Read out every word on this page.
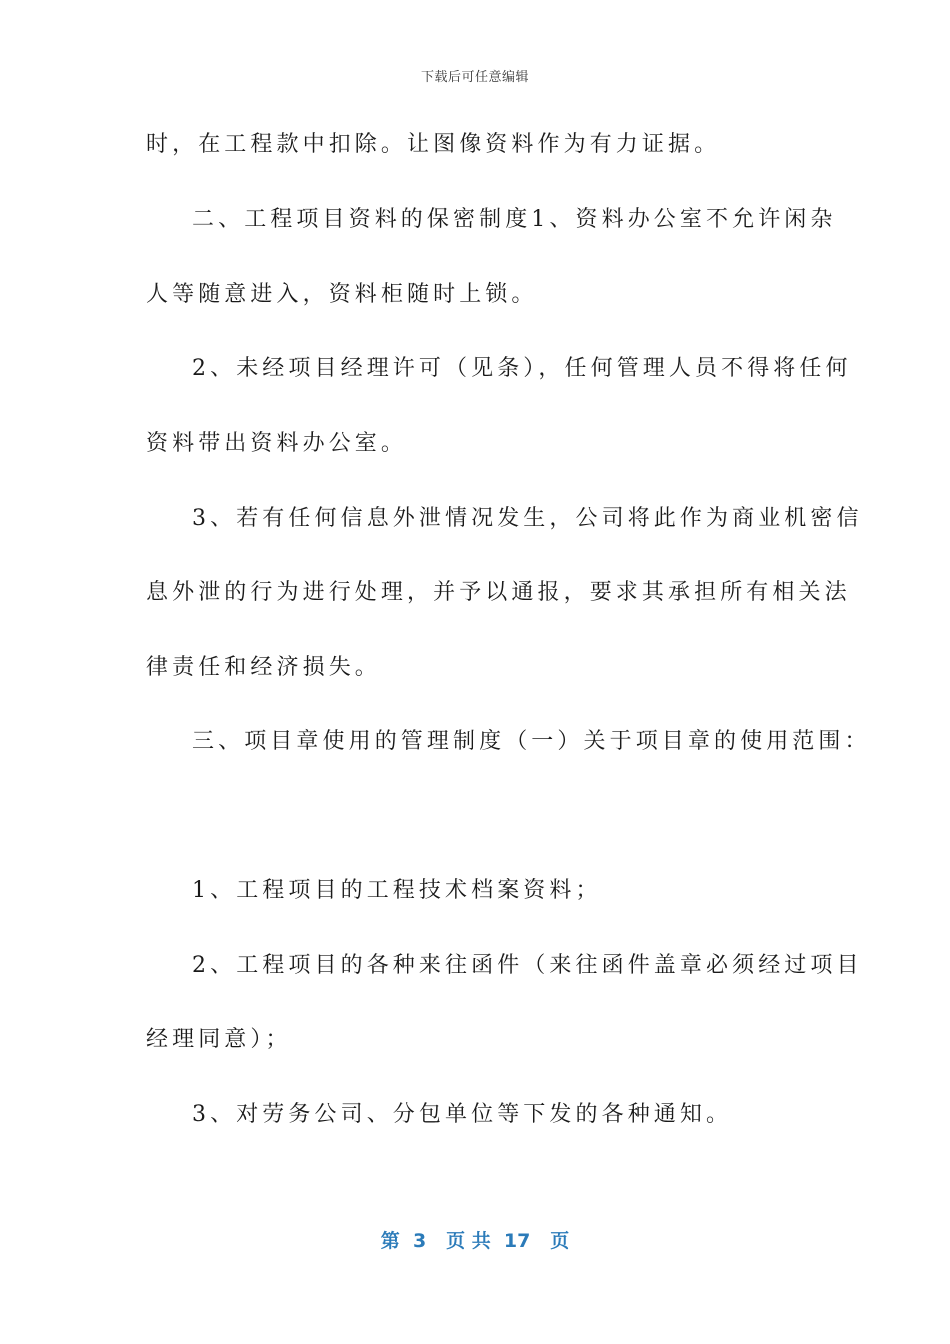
下载后可任意编辑
时，在工程款中扣除。让图像资料作为有力证据。
二、工程项目资料的保密制度1、资料办公室不允许闲杂
人等随意进入，资料柜随时上锁。
2、未经项目经理许可（见条），任何管理人员不得将任何
资料带出资料办公室。
3、若有任何信息外泄情况发生，公司将此作为商业机密信
息外泄的行为进行处理，并予以通报，要求其承担所有相关法
律责任和经济损失。
三、项目章使用的管理制度（一）关于项目章的使用范围：
1、工程项目的工程技术档案资料；
2、工程项目的各种来往函件（来往函件盖章必须经过项目
经理同意）；
3、对劳务公司、分包单位等下发的各种通知。
第  3   页 共  17   页
